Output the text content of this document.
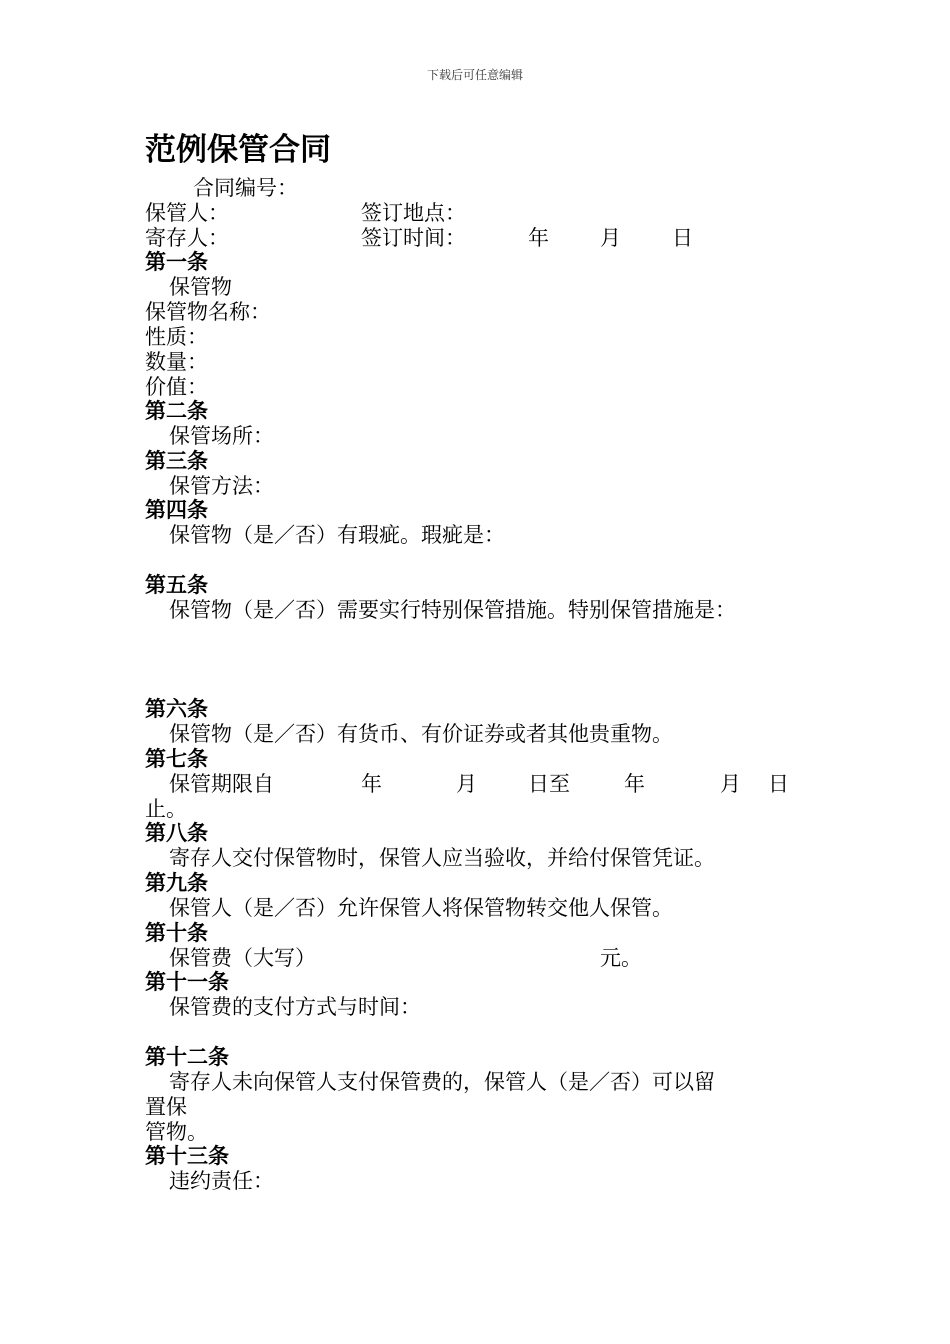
下载后可任意编辑
范例保管合同
合同编号：
保管人：	签订地点：
寄存人：	签订时间：	年 月 日
第一条
保管物
保管物名称：
性质：
数量：
价值：
第二条
保管场所：
第三条
保管方法：
第四条
保管物（是／否）有瑕疵。瑕疵是：
第五条
保管物（是／否）需要实行特别保管措施。特别保管措施是：
第六条
保管物（是／否）有货币、有价证券或者其他贵重物。
第七条
保管期限自	年	月 日至	年	月 日
止。
第八条
寄存人交付保管物时，保管人应当验收，并给付保管凭证。
第九条
保管人（是／否）允许保管人将保管物转交他人保管。
第十条
保管费（大写）	元。
第十一条
保管费的支付方式与时间：
第十二条
寄存人未向保管人支付保管费的，保管人（是／否）可以留
置保
管物。
第十三条
违约责任：
